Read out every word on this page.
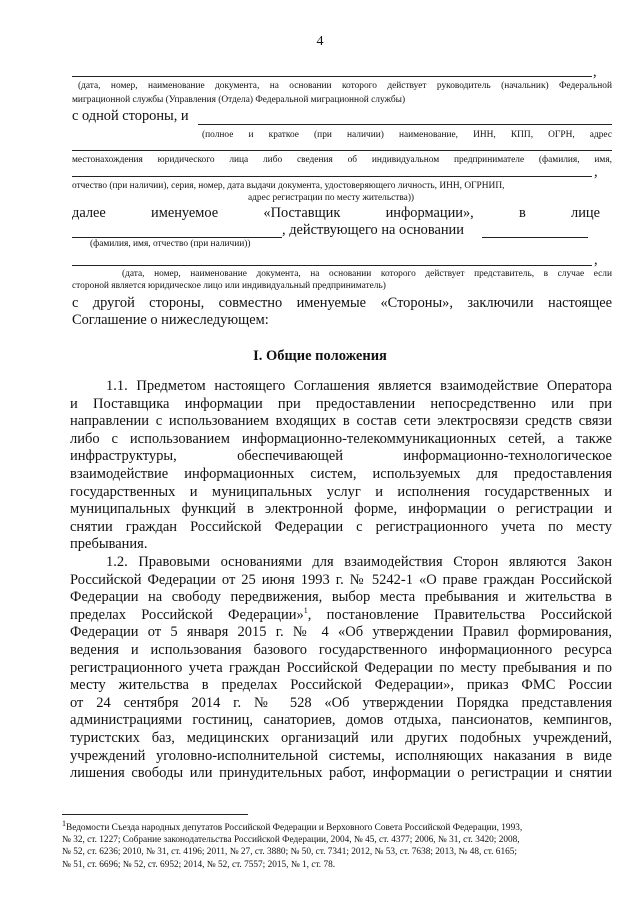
4
,
(дата, номер, наименование документа, на основании которого действует руководитель (начальник) Федеральной
миграционной службы (Управления (Отдела) Федеральной миграционной службы)
с одной стороны, и
(полное и краткое (при наличии) наименование, ИНН, КПП, ОГРН, адрес
местонахождения юридического лица либо сведения об индивидуальном предпринимателе (фамилия, имя,
,
отчество (при наличии), серия, номер, дата выдачи документа, удостоверяющего личность, ИНН, ОГРНИП,
адрес регистрации по месту жительства))
далее именуемое «Поставщик информации», в лице
, действующего на основании
(фамилия, имя, отчество (при наличии))
,
(дата, номер, наименование документа, на основании которого действует представитель, в случае если
стороной является юридическое лицо или индивидуальный предприниматель)
с другой стороны, совместно именуемые «Стороны», заключили настоящее
Соглашение о нижеследующем:
I. Общие положения
1.1. Предметом настоящего Соглашения является взаимодействие Оператора
и Поставщика информации при предоставлении непосредственно или при
направлении с использованием входящих в состав сети электросвязи средств связи
либо с использованием информационно-телекоммуникационных сетей, а также
инфраструктуры, обеспечивающей информационно-технологическое
взаимодействие информационных систем, используемых для предоставления
государственных и муниципальных услуг и исполнения государственных и
муниципальных функций в электронной форме, информации о регистрации и
снятии граждан Российской Федерации с регистрационного учета по месту
пребывания.
1.2. Правовыми основаниями для взаимодействия Сторон являются Закон
Российской Федерации от 25 июня 1993 г. № 5242-1 «О праве граждан Российской
Федерации на свободу передвижения, выбор места пребывания и жительства в
пределах Российской Федерации»$^1$, постановление Правительства Российской
Федерации от 5 января 2015 г. № 4 «Об утверждении Правил формирования,
ведения и использования базового государственного информационного ресурса
регистрационного учета граждан Российской Федерации по месту пребывания и по
месту жительства в пределах Российской Федерации», приказ ФМС России
от 24 сентября 2014 г. № 528 «Об утверждении Порядка представления
администрациями гостиниц, санаториев, домов отдыха, пансионатов, кемпингов,
туристских баз, медицинских организаций или других подобных учреждений,
учреждений уголовно-исполнительной системы, исполняющих наказания в виде
лишения свободы или принудительных работ, информации о регистрации и снятии
$^1$Ведомости Съезда народных депутатов Российской Федерации и Верховного Совета Российской Федерации, 1993,
№ 32, ст. 1227; Собрание законодательства Российской Федерации, 2004, № 45, ст. 4377; 2006, № 31, ст. 3420; 2008,
№ 52, ст. 6236; 2010, № 31, ст. 4196; 2011, № 27, ст. 3880; № 50, ст. 7341; 2012, № 53, ст. 7638; 2013, № 48, ст. 6165;
№ 51, ст. 6696; № 52, ст. 6952; 2014, № 52, ст. 7557; 2015, № 1, ст. 78.
